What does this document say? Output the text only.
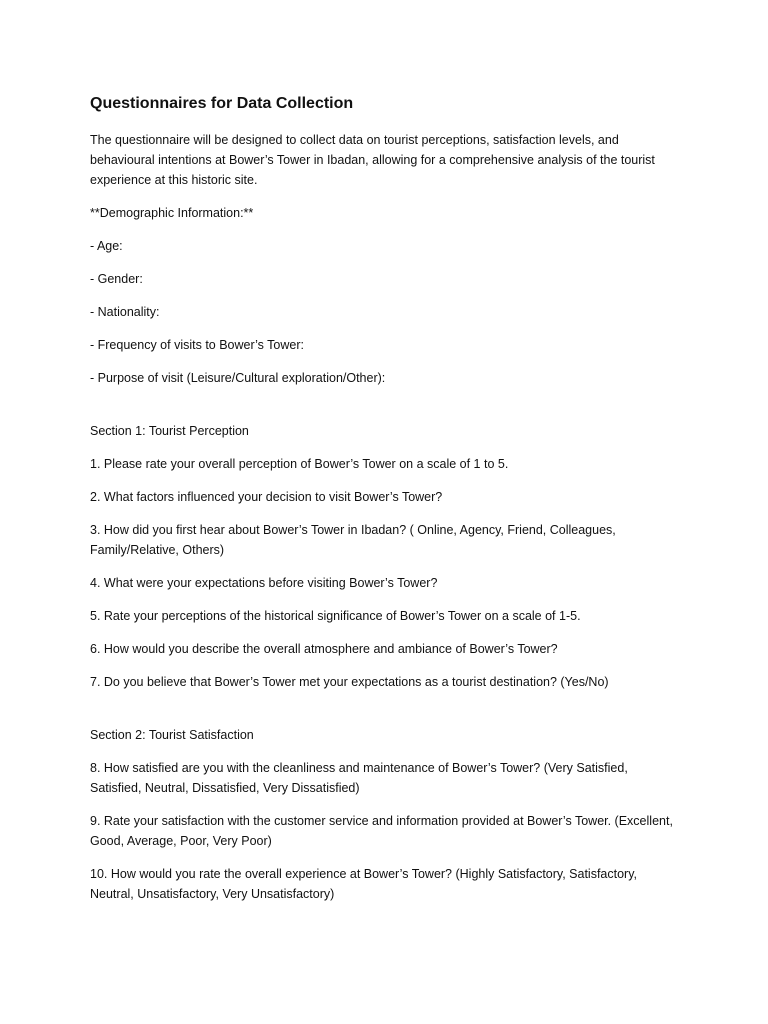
Questionnaires for Data Collection

The questionnaire will be designed to collect data on tourist perceptions, satisfaction levels, and behavioural intentions at Bower’s Tower in Ibadan, allowing for a comprehensive analysis of the tourist experience at this historic site.

**Demographic Information:**

- Age:

- Gender:

- Nationality:

- Frequency of visits to Bower’s Tower:

- Purpose of visit (Leisure/Cultural exploration/Other):

Section 1: Tourist Perception

1. Please rate your overall perception of Bower’s Tower on a scale of 1 to 5.

2. What factors influenced your decision to visit Bower’s Tower?

3. How did you first hear about Bower’s Tower in Ibadan? ( Online, Agency, Friend, Colleagues, Family/Relative, Others)

4. What were your expectations before visiting Bower’s Tower?

5. Rate your perceptions of the historical significance of Bower’s Tower on a scale of 1-5.

6. How would you describe the overall atmosphere and ambiance of Bower’s Tower?

7. Do you believe that Bower’s Tower met your expectations as a tourist destination? (Yes/No)

Section 2: Tourist Satisfaction

8. How satisfied are you with the cleanliness and maintenance of Bower’s Tower? (Very Satisfied, Satisfied, Neutral, Dissatisfied, Very Dissatisfied)

9. Rate your satisfaction with the customer service and information provided at Bower’s Tower. (Excellent, Good, Average, Poor, Very Poor)

10. How would you rate the overall experience at Bower’s Tower? (Highly Satisfactory, Satisfactory, Neutral, Unsatisfactory, Very Unsatisfactory)
